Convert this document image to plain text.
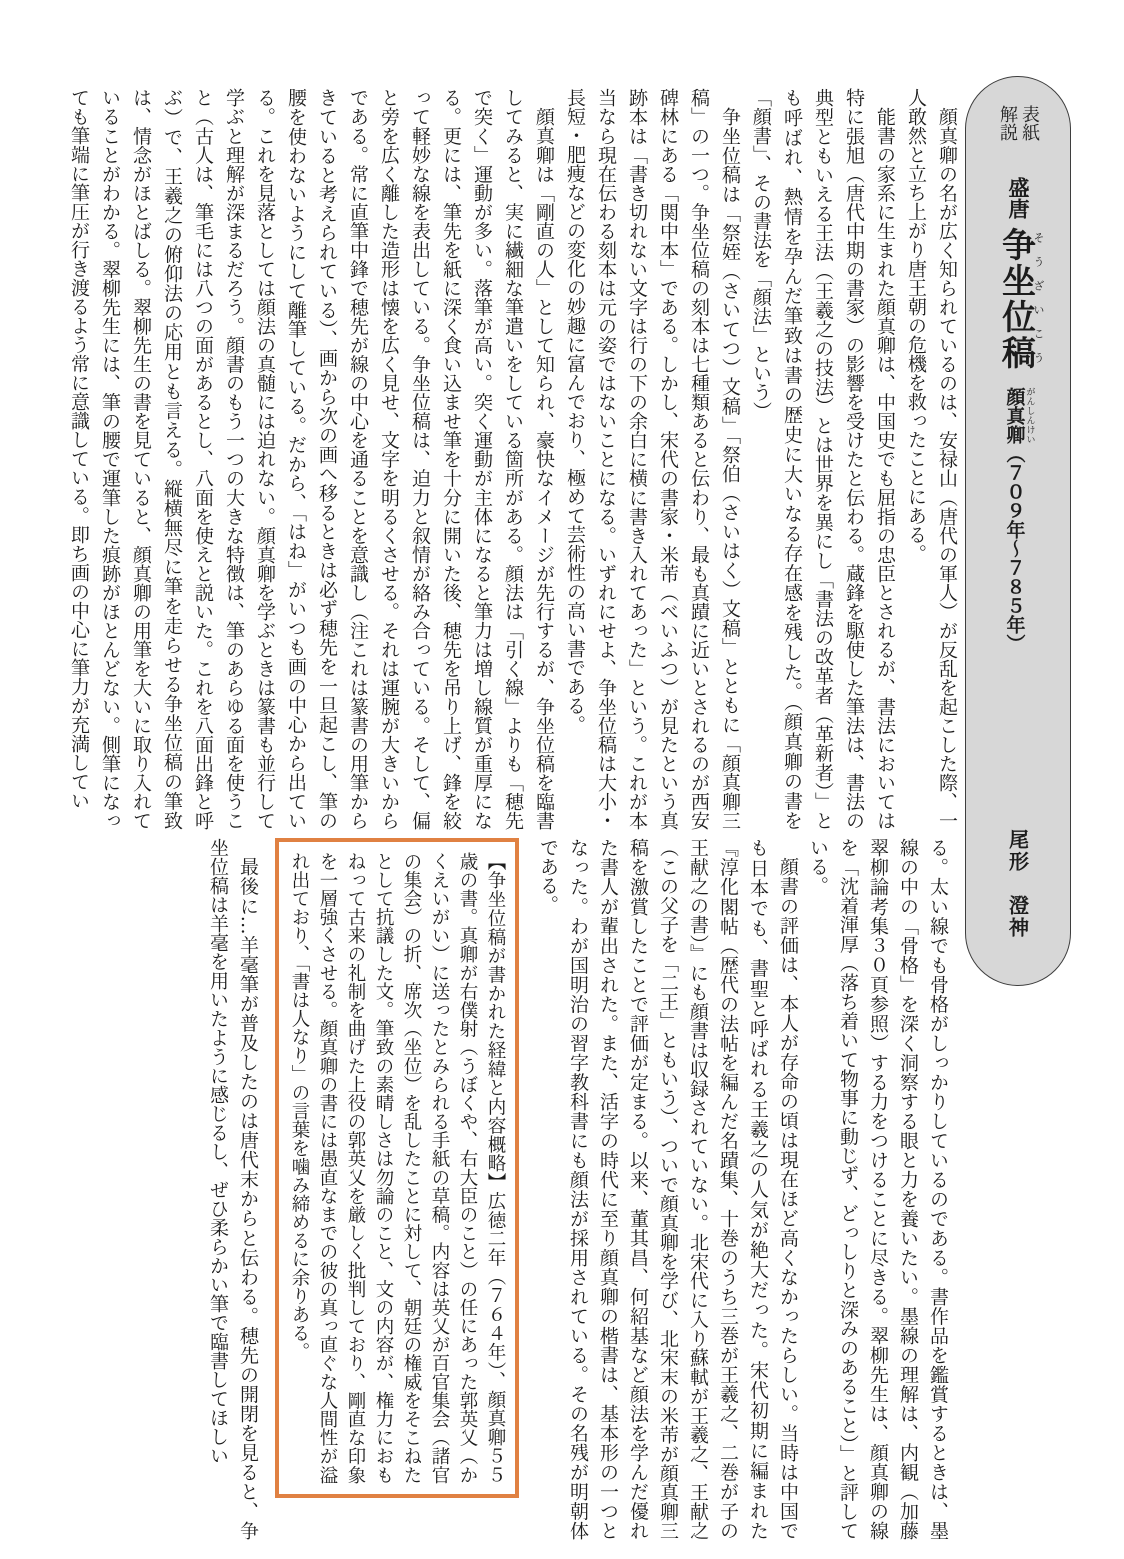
表紙
解説
盛唐
争坐位稿そうざいこう
顔真卿 がんしんけい（７０９年～７８５年）
尾形　澄神

顔真卿の名が広く知られているのは、安禄山（唐代の軍人）が反乱を起こした際、一人敢然と立ち上がり唐王朝の危機を救ったことにある。

能書の家系に生まれた顔真卿は、中国史でも屈指の忠臣とされるが、書法においては特に張旭（唐代中期の書家）の影響を受けたと伝わる。蔵鋒を駆使した筆法は、書法の典型ともいえる王法（王羲之の技法）とは世界を異にし「書法の改革者（革新者）」とも呼ばれ、熱情を孕んだ筆致は書の歴史に大いなる存在感を残した。（顔真卿の書を「顔書」、その書法を「顔法」という）

争坐位稿は「祭姪（さいてつ）文稿」「祭伯（さいはく）文稿」とともに「顔真卿三稿」の一つ。争坐位稿の刻本は七種類あると伝わり、最も真蹟に近いとされるのが西安碑林にある「関中本」である。しかし、宋代の書家・米芾（べいふつ）が見たという真跡本は「書き切れない文字は行の下の余白に横に書き入れてあった」という。これが本当なら現在伝わる刻本は元の姿ではないことになる。いずれにせよ、争坐位稿は大小・長短・肥痩などの変化の妙趣に富んでおり、極めて芸術性の高い書である。

顔真卿は「剛直の人」として知られ、豪快なイメージが先行するが、争坐位稿を臨書してみると、実に繊細な筆遣いをしている箇所がある。顔法は「引く線」よりも「穂先で突く」運動が多い。落筆が高い。突く運動が主体になると筆力は増し線質が重厚になる。更には、筆先を紙に深く食い込ませ筆を十分に開いた後、穂先を吊り上げ、鋒を絞って軽妙な線を表出している。争坐位稿は、迫力と叙情が絡み合っている。そして、偏と旁を広く離した造形は懐を広く見せ、文字を明るくさせる。それは運腕が大きいからである。常に直筆中鋒で穂先が線の中心を通ることを意識し（注これは篆書の用筆からきていると考えられている）、画から次の画へ移るときは必ず穂先を一旦起こし、筆の腰を使わないようにして離筆している。だから、「はね」がいつも画の中心から出ている。これを見落としては顔法の真髄には迫れない。顔真卿を学ぶときは篆書も並行して学ぶと理解が深まるだろう。顔書のもう一つの大きな特徴は、筆のあらゆる面を使うこと（古人は、筆毛には八つの面があるとし、八面を使えと説いた。これを八面出鋒と呼ぶ）で、王羲之の俯仰法の応用とも言える。縦横無尽に筆を走らせる争坐位稿の筆致は、情念がほとばしる。翠柳先生の書を見ていると、顔真卿の用筆を大いに取り入れていることがわかる。翠柳先生には、筆の腰で運筆した痕跡がほとんどない。側筆になっても筆端に筆圧が行き渡るよう常に意識している。即ち画の中心に筆力が充満してい

る。太い線でも骨格がしっかりしているのである。書作品を鑑賞するときは、墨線の中の「骨格」を深く洞察する眼と力を養いたい。墨線の理解は、内観（加藤翠柳論考集３０頁参照）する力をつけることに尽きる。翠柳先生は、顔真卿の線を「沈着渾厚（落ち着いて物事に動じず、どっしりと深みのあること）」と評している。

顔書の評価は、本人が存命の頃は現在ほど高くなかったらしい。当時は中国でも日本でも、書聖と呼ばれる王羲之の人気が絶大だった。宋代初期に編まれた『淳化閣帖（歴代の法帖を編んだ名蹟集、十巻のうち三巻が王羲之、二巻が子の王献之の書）』にも顔書は収録されていない。北宋代に入り蘇軾が王羲之、王献之（この父子を「二王」ともいう）、ついで顔真卿を学び、北宋末の米芾が顔真卿三稿を激賞したことで評価が定まる。以来、董其昌、何紹基など顔法を学んだ優れた書人が輩出された。また、活字の時代に至り顔真卿の楷書は、基本形の一つとなった。わが国明治の習字教科書にも顔法が採用されている。その名残が明朝体である。

【争坐位稿が書かれた経緯と内容概略】広徳二年（７６４年）、顔真卿５５歳の書。真卿が右僕射（うぼくや、右大臣のこと）の任にあった郭英乂（かくえいがい）に送ったとみられる手紙の草稿。内容は英乂が百官集会（諸官の集会）の折、席次（坐位）を乱したことに対して、朝廷の権威をそこねたとして抗議した文。筆致の素晴しさは勿論のこと、文の内容が、権力におもねって古来の礼制を曲げた上役の郭英乂を厳しく批判しており、剛直な印象を一層強くさせる。顔真卿の書には愚直なまでの彼の真っ直ぐな人間性が溢れ出ており、「書は人なり」の言葉を噛み締めるに余りある。

最後に…羊毫筆が普及したのは唐代末からと伝わる。穂先の開閉を見ると、争坐位稿は羊毫を用いたように感じるし、ぜひ柔らかい筆で臨書してほしい
